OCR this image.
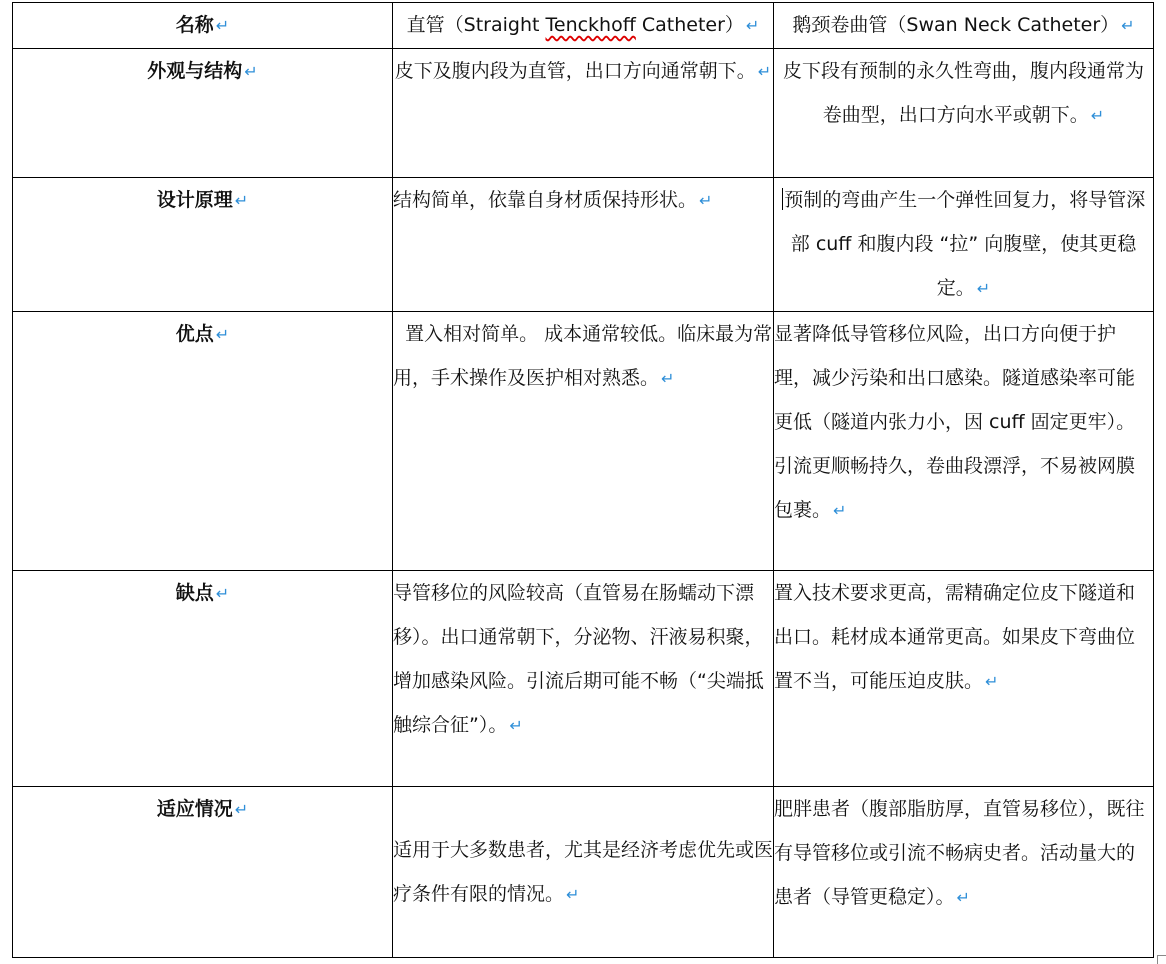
名称 ↵	直管（Straight Tenckhoff Catheter） ↵	鹅颈卷曲管（Swan Neck Catheter） ↵
外观与结构 ↵	皮下及腹内段为直管，出口方向通常朝下。 ↵	皮下段有预制的永久性弯曲，腹内段通常为卷曲型，出口方向水平或朝下。 ↵
设计原理 ↵	结构简单，依靠自身材质保持形状。 ↵	预制的弯曲产生一个弹性回复力，将导管深部 cuff 和腹内段 “拉” 向腹壁，使其更稳定。 ↵
优点 ↵	置入相对简单。 成本通常较低。临床最为常用，手术操作及医护相对熟悉。 ↵	显著降低导管移位风险，出口方向便于护理，减少污染和出口感染。隧道感染率可能更低（隧道内张力小，因 cuff 固定更牢）。引流更顺畅持久，卷曲段漂浮，不易被网膜包裹。 ↵
缺点 ↵	导管移位的风险较高（直管易在肠蠕动下漂移）。出口通常朝下，分泌物、汗液易积聚，增加感染风险。引流后期可能不畅（“尖端抵触综合征”）。 ↵	置入技术要求更高，需精确定位皮下隧道和出口。耗材成本通常更高。如果皮下弯曲位置不当，可能压迫皮肤。 ↵
适应情况 ↵	适用于大多数患者，尤其是经济考虑优先或医疗条件有限的情况。 ↵	肥胖患者（腹部脂肪厚，直管易移位），既往有导管移位或引流不畅病史者。活动量大的患者（导管更稳定）。 ↵
